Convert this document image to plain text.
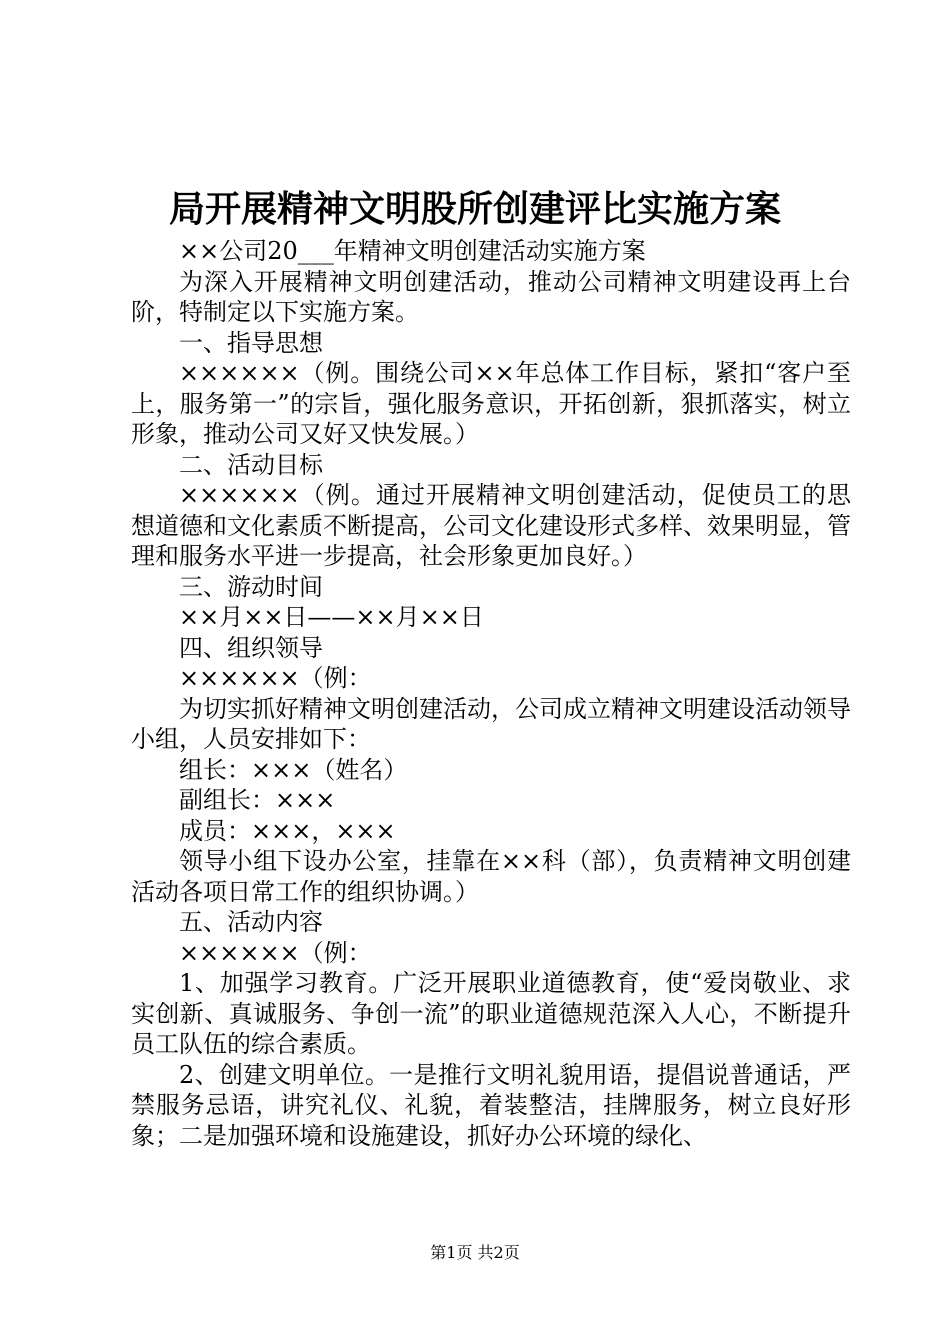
局开展精神文明股所创建评比实施方案

××公司20___年精神文明创建活动实施方案

为深入开展精神文明创建活动，推动公司精神文明建设再上台阶，特制定以下实施方案。

一、指导思想

××××××（例。围绕公司××年总体工作目标，紧扣“客户至上，服务第一”的宗旨，强化服务意识，开拓创新，狠抓落实，树立形象，推动公司又好又快发展。）

二、活动目标

××××××（例。通过开展精神文明创建活动，促使员工的思想道德和文化素质不断提高，公司文化建设形式多样、效果明显，管理和服务水平进一步提高，社会形象更加良好。）

三、游动时间

××月××日——××月××日

四、组织领导

××××××（例：

为切实抓好精神文明创建活动，公司成立精神文明建设活动领导小组，人员安排如下：

组长：×××（姓名）

副组长：×××

成员：×××，×××

领导小组下设办公室，挂靠在××科（部），负责精神文明创建活动各项日常工作的组织协调。）

五、活动内容

××××××（例：

1、加强学习教育。广泛开展职业道德教育，使“爱岗敬业、求实创新、真诚服务、争创一流”的职业道德规范深入人心，不断提升员工队伍的综合素质。

2、创建文明单位。一是推行文明礼貌用语，提倡说普通话，严禁服务忌语，讲究礼仪、礼貌，着装整洁，挂牌服务，树立良好形象；二是加强环境和设施建设，抓好办公环境的绿化、

第1页 共2页
